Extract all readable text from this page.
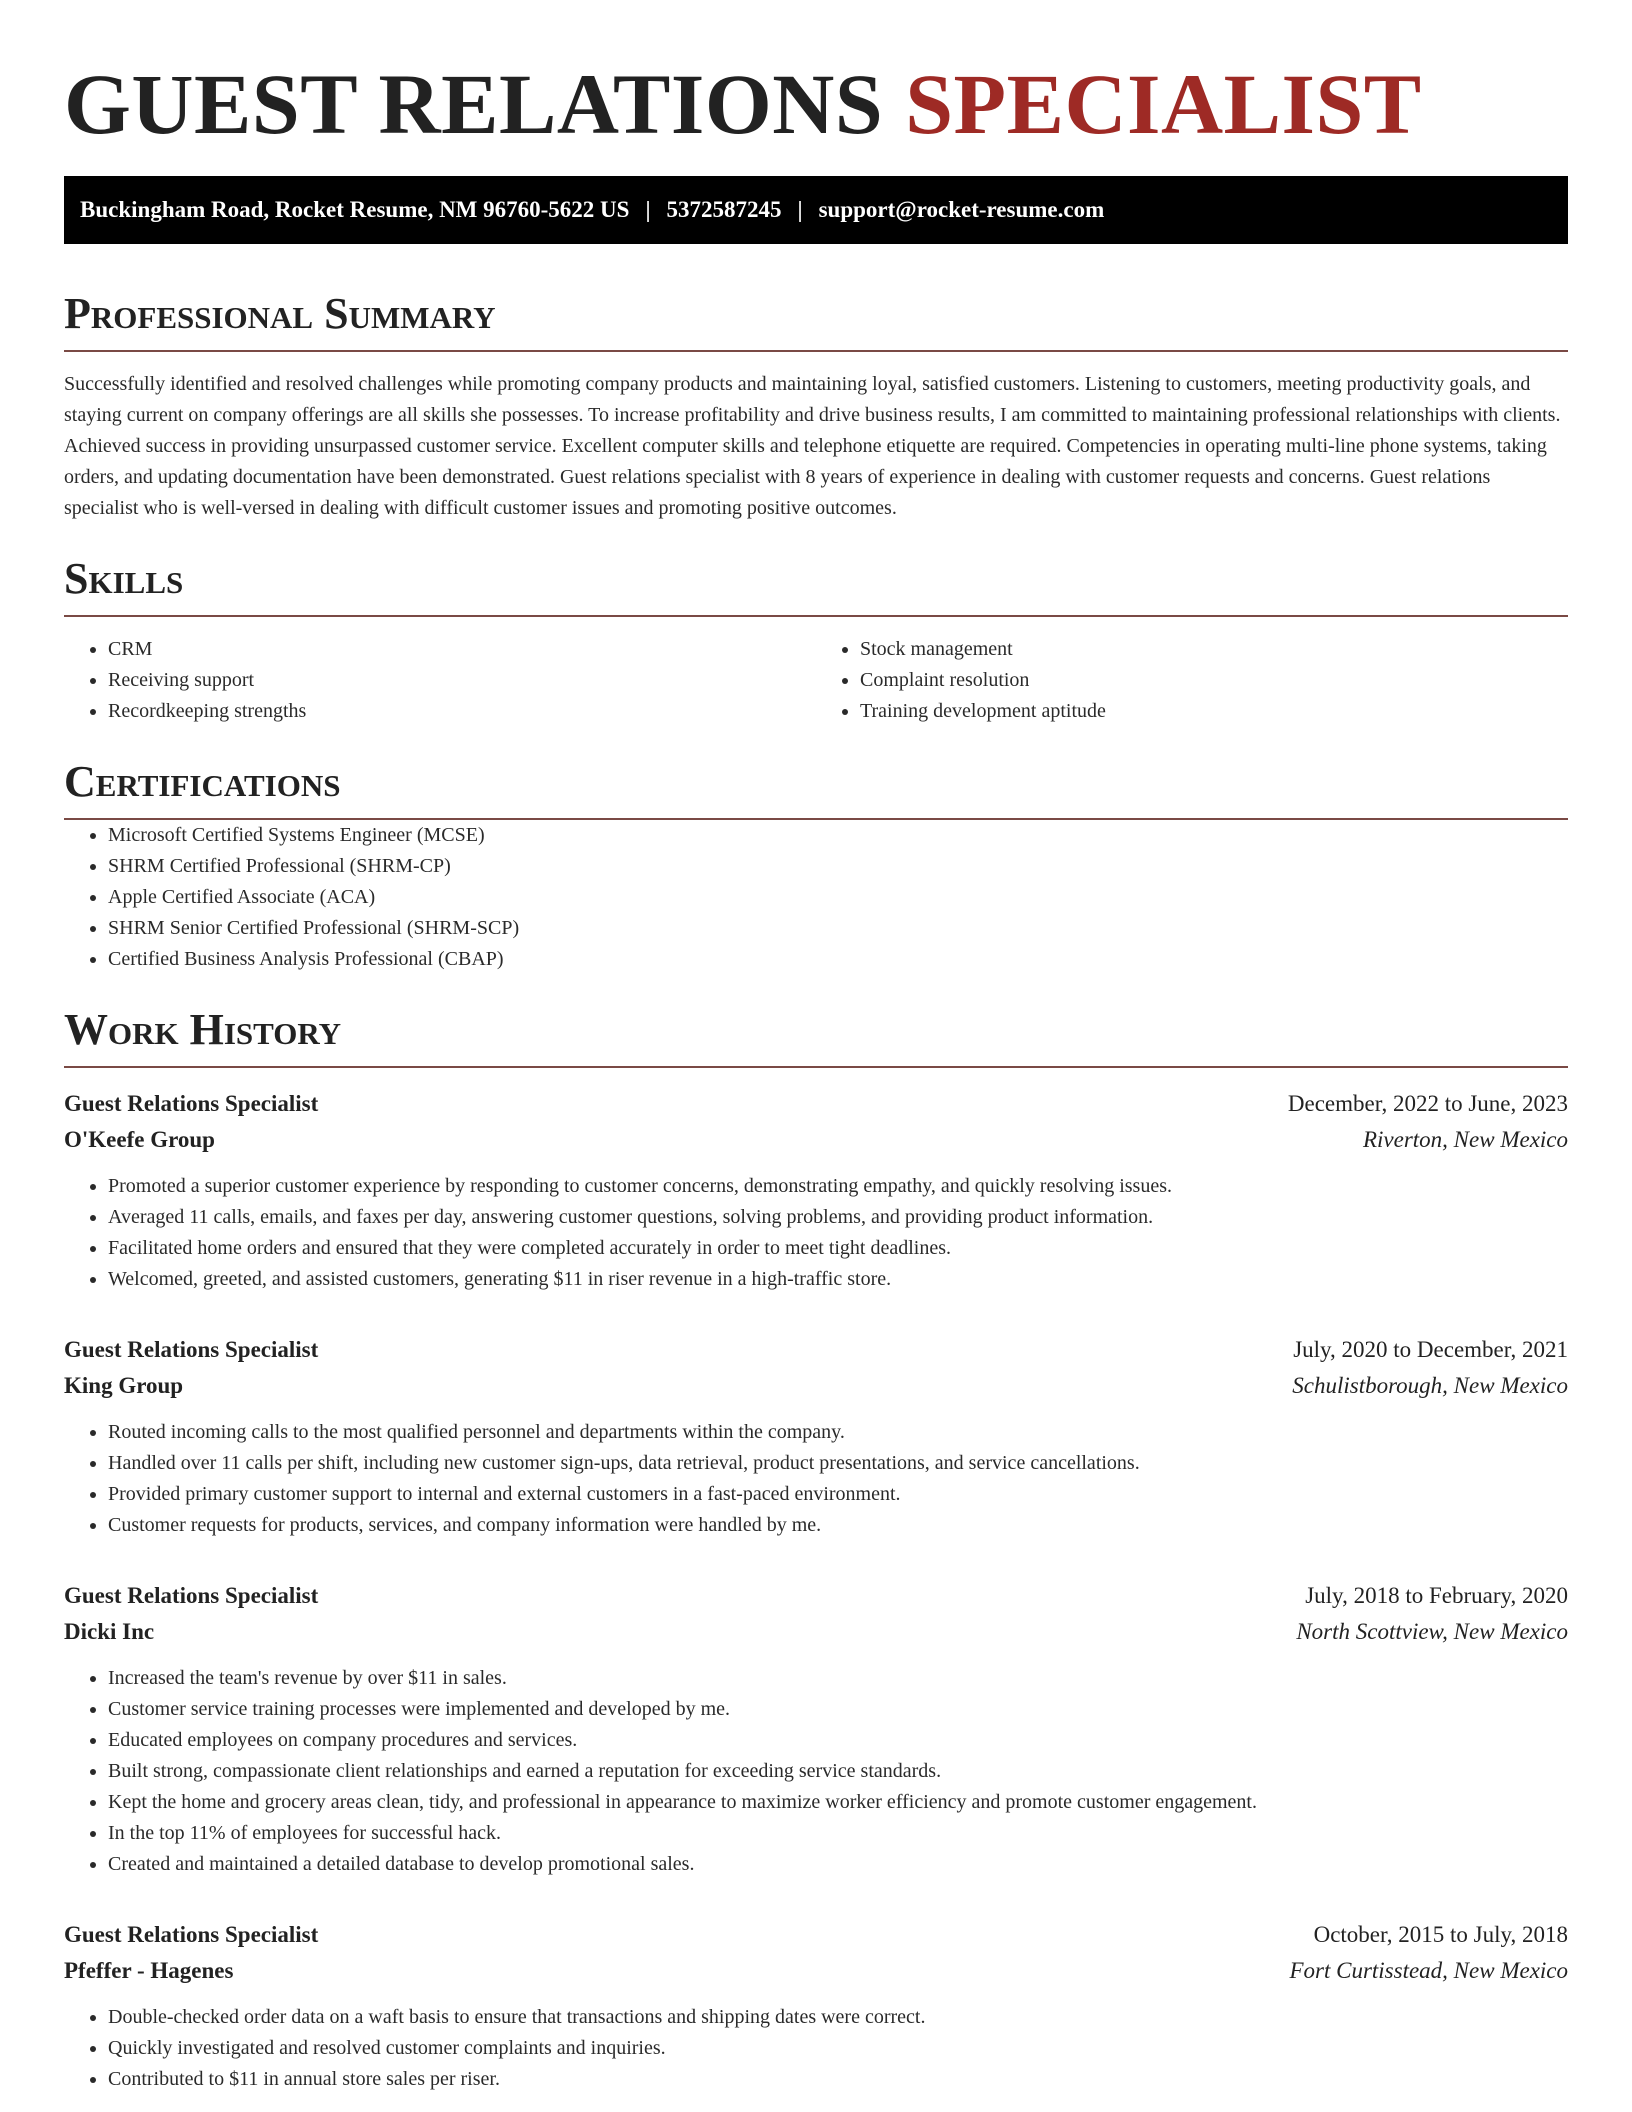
GUEST RELATIONS SPECIALIST
Buckingham Road, Rocket Resume, NM 96760-5622 US | 5372587245 | support@rocket-resume.com
Professional Summary

Successfully identified and resolved challenges while promoting company products and maintaining loyal, satisfied customers. Listening to customers, meeting productivity goals, and staying current on company offerings are all skills she possesses. To increase profitability and drive business results, I am committed to maintaining professional relationships with clients. Achieved success in providing unsurpassed customer service. Excellent computer skills and telephone etiquette are required. Competencies in operating multi-line phone systems, taking orders, and updating documentation have been demonstrated. Guest relations specialist with 8 years of experience in dealing with customer requests and concerns. Guest relations specialist who is well-versed in dealing with difficult customer issues and promoting positive outcomes.

Skills
• CRM
• Receiving support
• Recordkeeping strengths
• Stock management
• Complaint resolution
• Training development aptitude
Certifications
• Microsoft Certified Systems Engineer (MCSE)
• SHRM Certified Professional (SHRM-CP)
• Apple Certified Associate (ACA)
• SHRM Senior Certified Professional (SHRM-SCP)
• Certified Business Analysis Professional (CBAP)
Work History
Guest Relations Specialist	December, 2022 to June, 2023
O'Keefe Group	Riverton, New Mexico
• Promoted a superior customer experience by responding to customer concerns, demonstrating empathy, and quickly resolving issues.
• Averaged 11 calls, emails, and faxes per day, answering customer questions, solving problems, and providing product information.
• Facilitated home orders and ensured that they were completed accurately in order to meet tight deadlines.
• Welcomed, greeted, and assisted customers, generating $11 in riser revenue in a high-traffic store.
Guest Relations Specialist	July, 2020 to December, 2021
King Group	Schulistborough, New Mexico
• Routed incoming calls to the most qualified personnel and departments within the company.
• Handled over 11 calls per shift, including new customer sign-ups, data retrieval, product presentations, and service cancellations.
• Provided primary customer support to internal and external customers in a fast-paced environment.
• Customer requests for products, services, and company information were handled by me.
Guest Relations Specialist	July, 2018 to February, 2020
Dicki Inc	North Scottview, New Mexico
• Increased the team's revenue by over $11 in sales.
• Customer service training processes were implemented and developed by me.
• Educated employees on company procedures and services.
• Built strong, compassionate client relationships and earned a reputation for exceeding service standards.
• Kept the home and grocery areas clean, tidy, and professional in appearance to maximize worker efficiency and promote customer engagement.
• In the top 11% of employees for successful hack.
• Created and maintained a detailed database to develop promotional sales.
Guest Relations Specialist	October, 2015 to July, 2018
Pfeffer - Hagenes	Fort Curtisstead, New Mexico
• Double-checked order data on a waft basis to ensure that transactions and shipping dates were correct.
• Quickly investigated and resolved customer complaints and inquiries.
• Contributed to $11 in annual store sales per riser.
